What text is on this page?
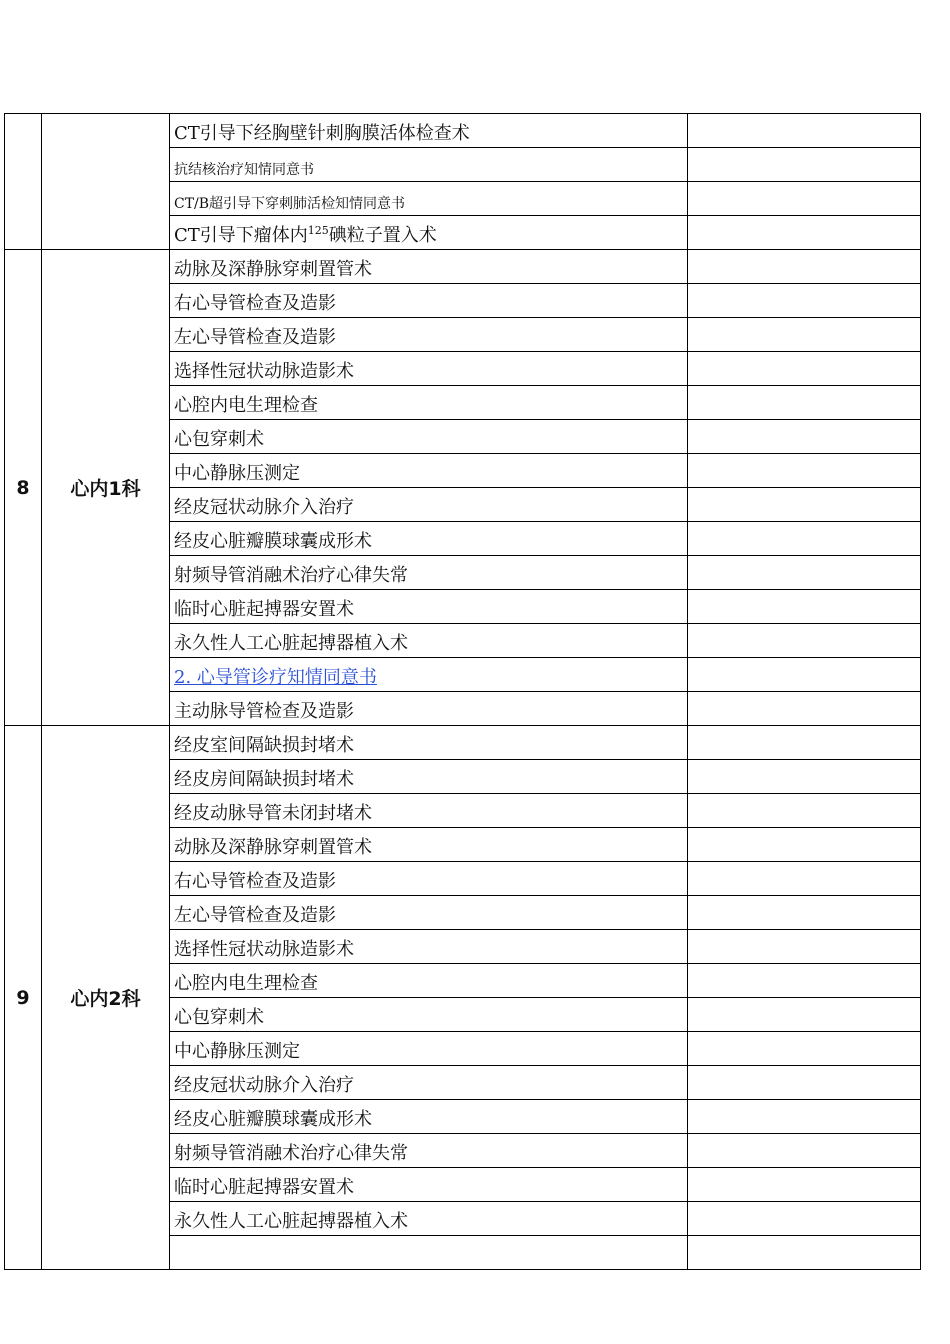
		CT引导下经胸壁针刺胸膜活体检查术	
		抗结核治疗知情同意书	
		CT/B超引导下穿刺肺活检知情同意书	
		CT引导下瘤体内$^{125}$碘粒子置入术	
8	心内1科	动脉及深静脉穿刺置管术	
		右心导管检查及造影	
		左心导管检查及造影	
		选择性冠状动脉造影术	
		心腔内电生理检查	
		心包穿刺术	
		中心静脉压测定	
		经皮冠状动脉介入治疗	
		经皮心脏瓣膜球囊成形术	
		射频导管消融术治疗心律失常	
		临时心脏起搏器安置术	
		永久性人工心脏起搏器植入术	
		2. 心导管诊疗知情同意书	
		主动脉导管检查及造影	
9	心内2科	经皮室间隔缺损封堵术	
		经皮房间隔缺损封堵术	
		经皮动脉导管未闭封堵术	
		动脉及深静脉穿刺置管术	
		右心导管检查及造影	
		左心导管检查及造影	
		选择性冠状动脉造影术	
		心腔内电生理检查	
		心包穿刺术	
		中心静脉压测定	
		经皮冠状动脉介入治疗	
		经皮心脏瓣膜球囊成形术	
		射频导管消融术治疗心律失常	
		临时心脏起搏器安置术	
		永久性人工心脏起搏器植入术	
